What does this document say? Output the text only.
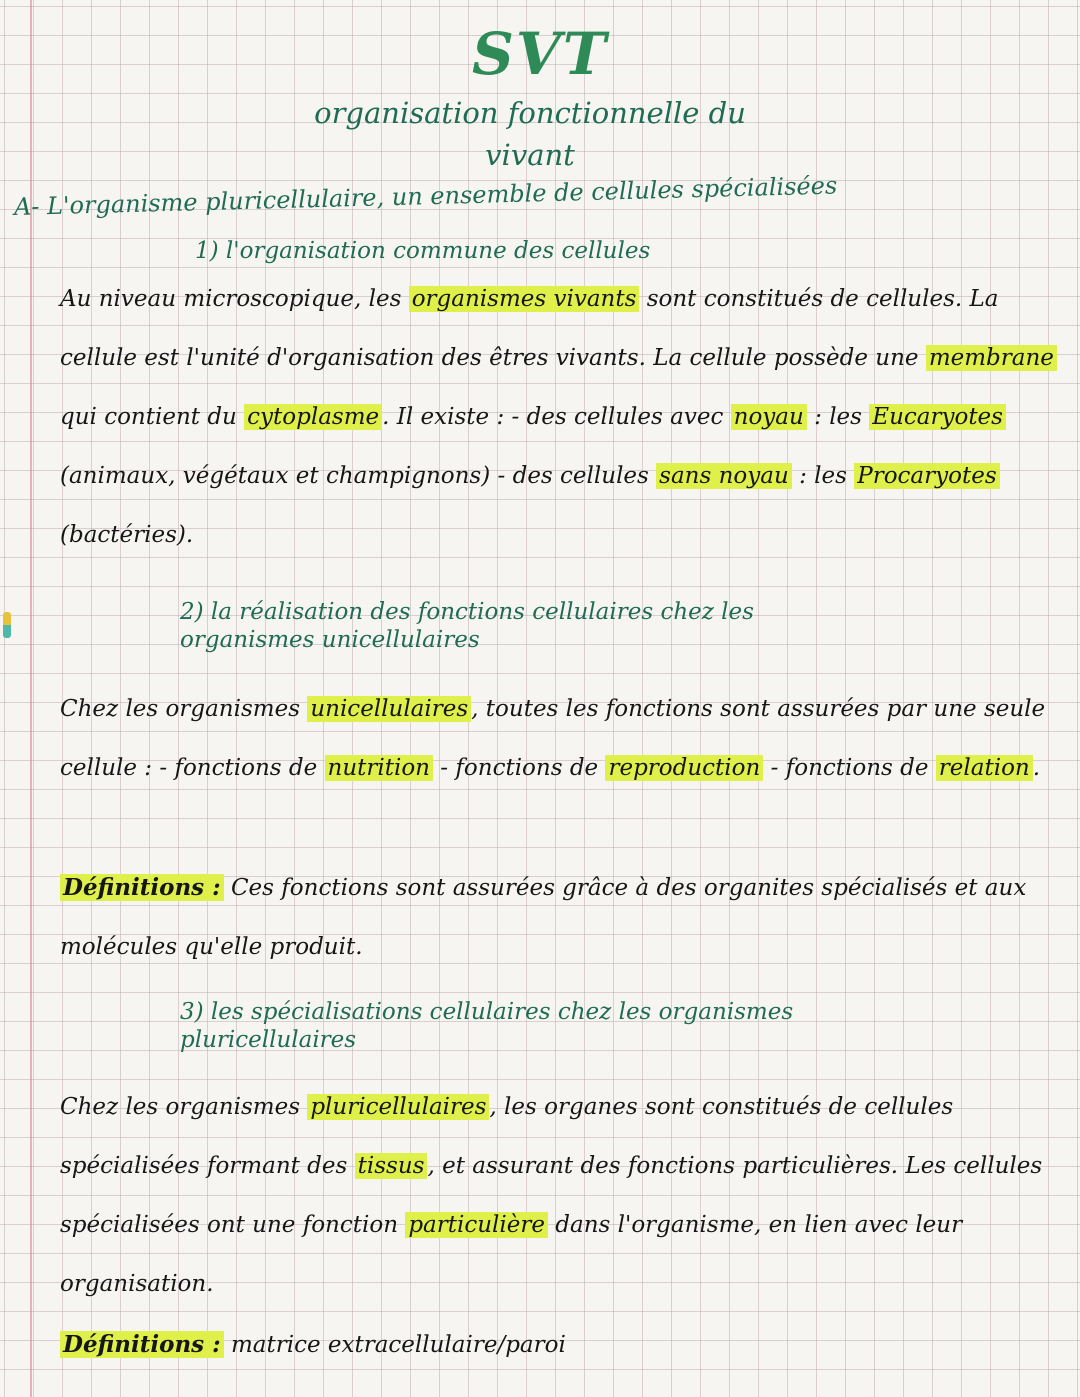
SVT
organisation fonctionnelle du vivant
A- L'organisme pluricellulaire, un ensemble de cellules spécialisées
1) l'organisation commune des cellules
Au niveau microscopique, les organismes vivants sont constitués de cellules. La cellule est l'unité d'organisation des êtres vivants. La cellule possède une membrane qui contient du cytoplasme . Il existe : - des cellules avec noyau : les Eucaryotes (animaux, végétaux et champignons) - des cellules sans noyau : les Procaryotes (bactéries).
2) la réalisation des fonctions cellulaires chez les organismes unicellulaires
Chez les organismes unicellulaires , toutes les fonctions sont assurées par une seule cellule : - fonctions de nutrition - fonctions de reproduction - fonctions de relation .
Définitions : Ces fonctions sont assurées grâce à des organites spécialisés et aux molécules qu'elle produit.
3) les spécialisations cellulaires chez les organismes pluricellulaires
Chez les organismes pluricellulaires , les organes sont constitués de cellules spécialisées formant des tissus , et assurant des fonctions particulières. Les cellules spécialisées ont une fonction particulière dans l'organisme, en lien avec leur organisation.
Définitions : matrice extracellulaire/paroi
